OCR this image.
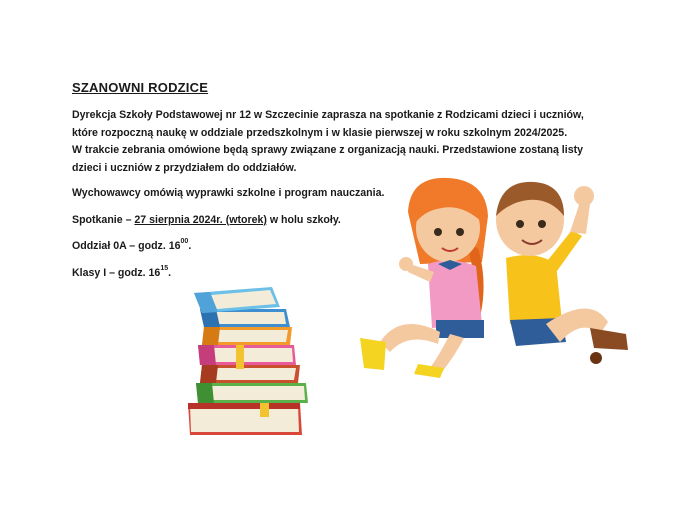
SZANOWNI RODZICE

Dyrekcja Szkoły Podstawowej nr 12 w Szczecinie zaprasza na spotkanie z Rodzicami dzieci i uczniów,
które rozpoczną naukę w oddziale przedszkolnym i w klasie pierwszej w roku szkolnym 2024/2025.
W trakcie zebrania omówione będą sprawy związane z organizacją nauki. Przedstawione zostaną listy
dzieci i uczniów z przydziałem do oddziałów.

Wychowawcy omówią wyprawki szkolne i program nauczania.

Spotkanie – 27 sierpnia 2024r. (wtorek) w holu szkoły.

Oddział 0A – godz. $16^{00}$.

Klasy I – godz. $16^{15}$.
